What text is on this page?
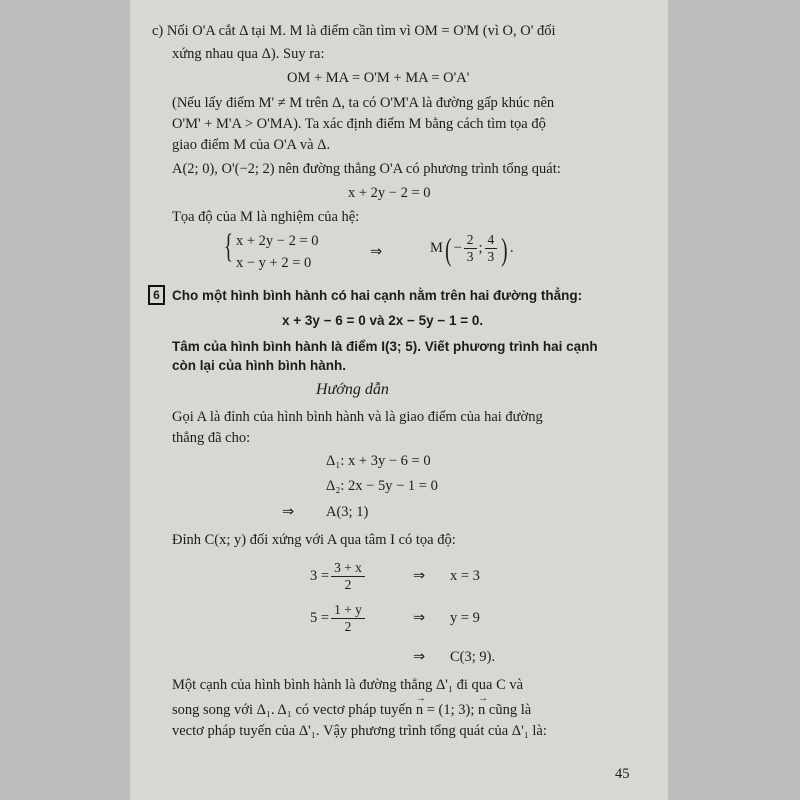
c) Nối O'A cắt Δ tại M. M là điểm cần tìm vì OM = O'M (vì O, O' đối
xứng nhau qua Δ). Suy ra:
OM + MA = O'M + MA = O'A'
(Nếu lấy điểm M' ≠ M trên Δ, ta có O'M'A là đường gấp khúc nên
O'M' + M'A > O'MA). Ta xác định điểm M bằng cách tìm tọa độ
giao điểm M của O'A và Δ.
A(2; 0), O'(−2; 2) nên đường thẳng O'A có phương trình tổng quát:
x + 2y − 2 = 0
Tọa độ của M là nghiệm của hệ:
{ x + 2y − 2 = 0
x − y + 2 = 0
⇒	$M( - \frac{2}{3}$ ; $\frac{4}{3}$ ) .
6 Cho một hình bình hành có hai cạnh nằm trên hai đường thẳng:
x + 3y − 6 = 0 và 2x − 5y − 1 = 0.
Tâm của hình bình hành là điểm I(3; 5). Viết phương trình hai cạnh
còn lại của hình bình hành.
Hướng dẫn
Gọi A là đỉnh của hình bình hành và là giao điểm của hai đường
thẳng đã cho:
Δ₁: x + 3y − 6 = 0
Δ₂: 2x − 5y − 1 = 0
⇒ A(3; 1)
Đỉnh C(x; y) đối xứng với A qua tâm I có tọa độ:
$3 = \frac{3 + x}{2}$	⇒ x = 3
$5 = \frac{1 + y}{2}$	⇒ y = 9
⇒ C(3; 9).
Một cạnh của hình bình hành là đường thẳng Δ'₁ đi qua C và
song song với Δ₁. Δ₁ có vectơ pháp tuyến → n = (1; 3); → n cũng là
vectơ pháp tuyến của Δ'₁. Vậy phương trình tổng quát của Δ'₁ là:
45
